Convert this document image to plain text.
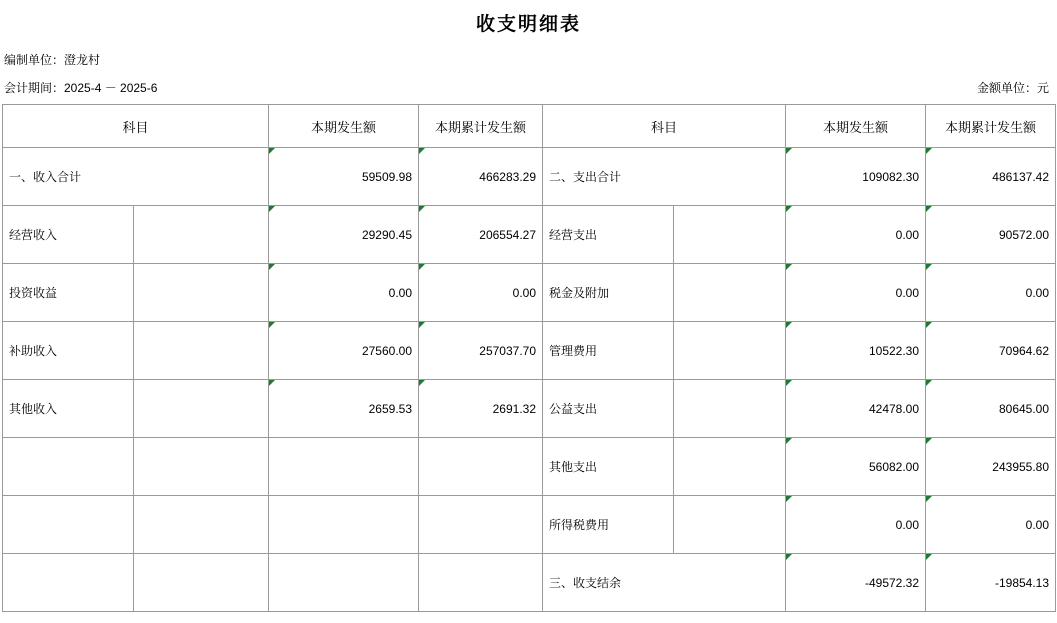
收支明细表
编制单位：澄龙村
会计期间：2025-4 － 2025-6	金额单位：元
科目		本期发生额	本期累计发生额	科目		本期发生额	本期累计发生额
一、收入合计		59509.98	466283.29	二、支出合计		109082.30	486137.42
经营收入		29290.45	206554.27	经营支出		0.00	90572.00
投资收益		0.00	0.00	税金及附加		0.00	0.00
补助收入		27560.00	257037.70	管理费用		10522.30	70964.62
其他收入		2659.53	2691.32	公益支出		42478.00	80645.00
				其他支出		56082.00	243955.80
				所得税费用		0.00	0.00
				三、收支结余		-49572.32	-19854.13
